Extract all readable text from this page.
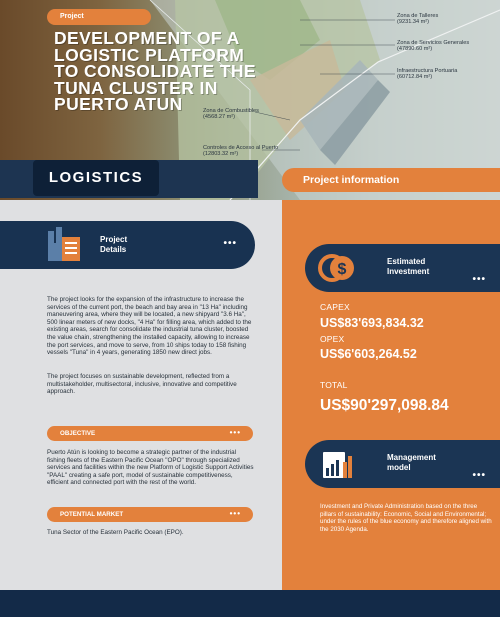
Zona de Talleres
(9231.34 m²)
Zona de Servicios Generales
(47890.60 m²)
Infraestructura Portuaria
(60712.84 m²)
Zona de Combustibles
(4568.27 m²)
Controles de Acceso al Puerto
(12803.32 m²)
Project
DEVELOPMENT OF A LOGISTIC PLATFORM TO CONSOLIDATE THE TUNA CLUSTER IN PUERTO ATUN
LOGISTICS	Project information
Project
Details
•••
The project looks for the expansion of the infrastructure to increase the services of the current port, the beach and bay area in "13 Ha" including maneuvering area, where they will be located, a new shipyard "3.6 Ha", 500 linear meters of new docks, "4 Ha" for filling area, which added to the existing areas, search for consolidate the industrial tuna cluster, boosted the value chain, strengthening the installed capacity, allowing to increase the port services, and move to serve, from 10 ships today to 158 fishing vessels "Tuna" in 4 years, generating 1850 new direct jobs.
The project focuses on sustainable development, reflected from a multistakeholder, multisectoral, inclusive, innovative and competitive approach.
OBJECTIVE	•••
Puerto Atún is looking to become a strategic partner of the industrial fishing fleets of the Eastern Pacific Ocean "OPO" through specialized services and facilities within the new Platform of Logistic Support Activities "PAAL" creating a safe port, model of sustainable competitiveness, efficient and connected port with the rest of the world.
POTENTIAL MARKET	•••
Tuna Sector of the Eastern Pacific Ocean (EPO).
$	Estimated
Investment
•••
CAPEX
US$83'693,834.32
OPEX
US$6'603,264.52
TOTAL
US$90'297,098.84
Management
model
•••
Investment and Private Administration based on the three pillars of sustainability: Economic, Social and Environmental; under the rules of the blue economy and therefore aligned with the 2030 Agenda.
